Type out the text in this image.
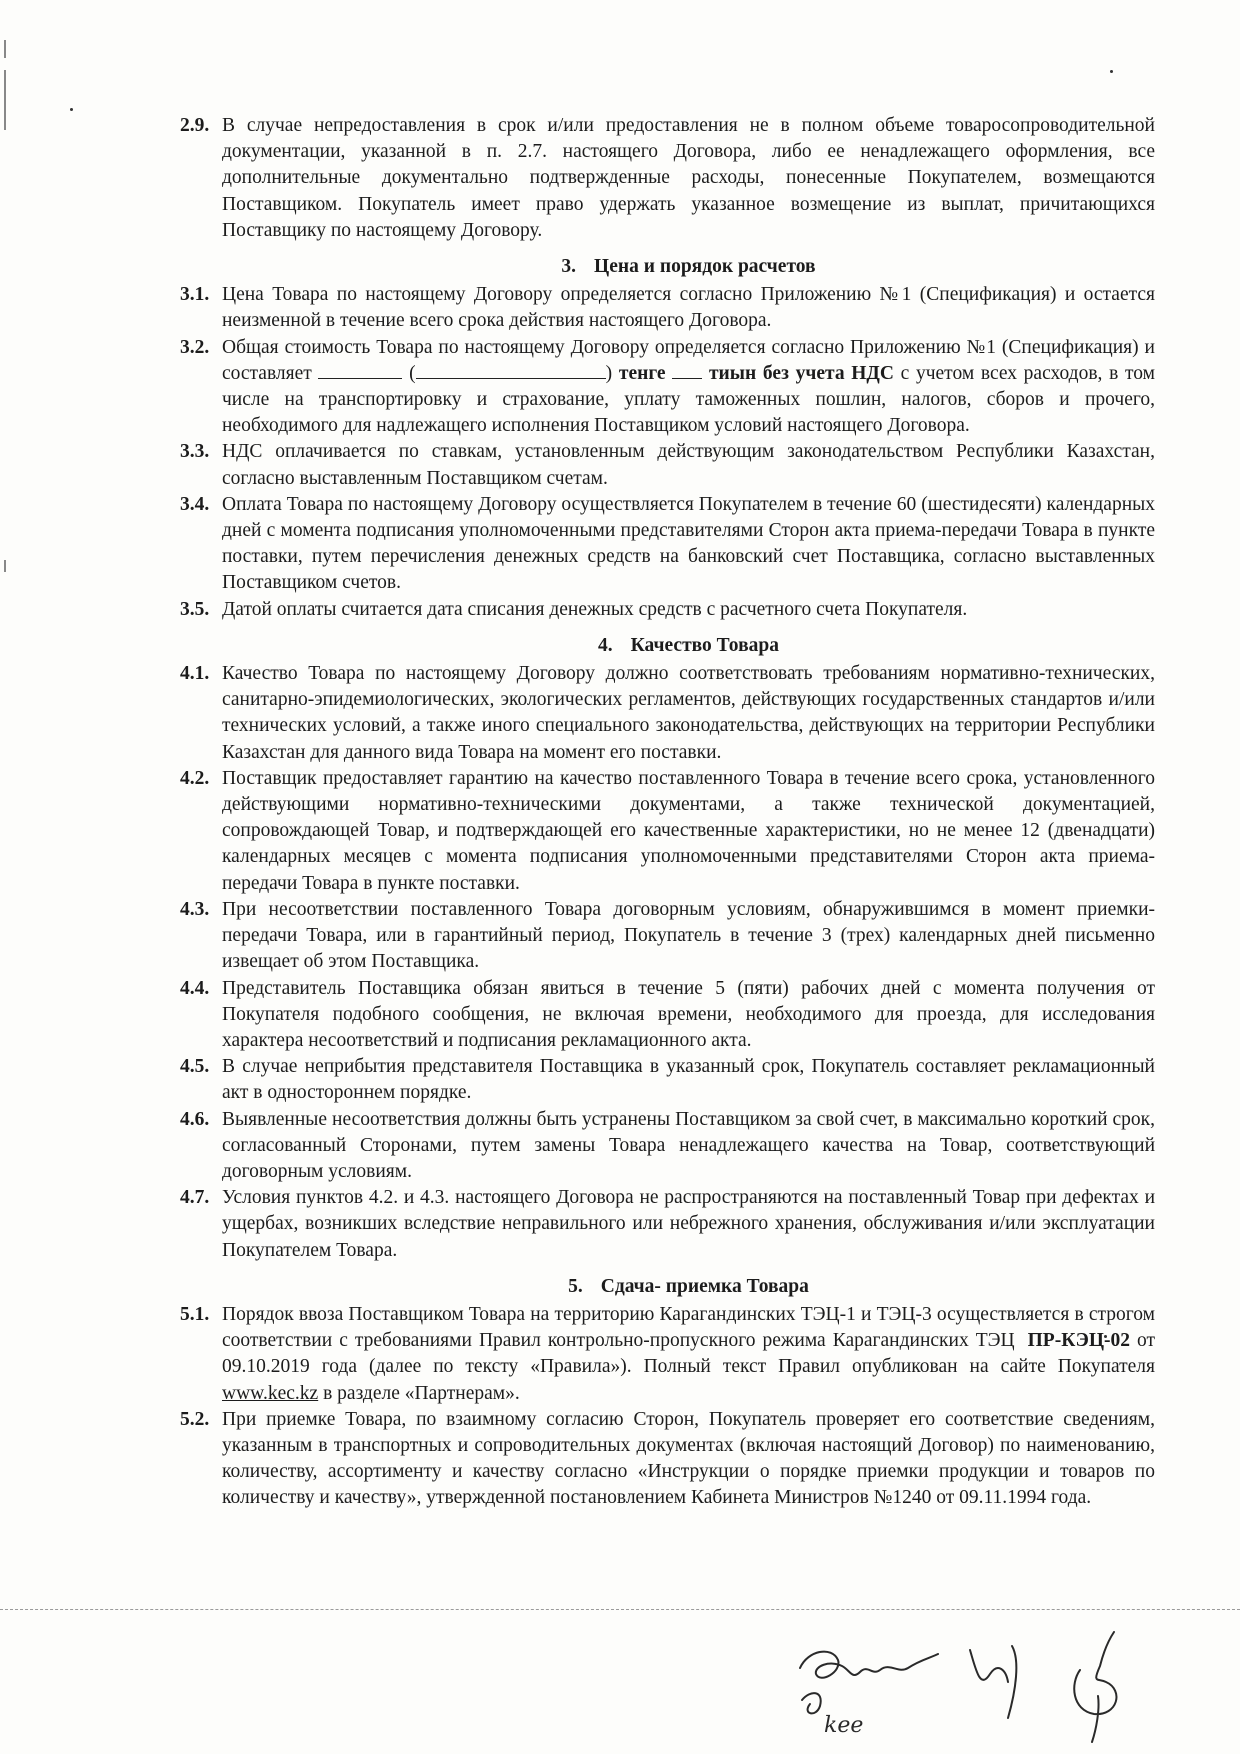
2.9. В случае непредоставления в срок и/или предоставления не в полном объеме товаросопроводительной документации, указанной в п. 2.7. настоящего Договора, либо ее ненадлежащего оформления, все дополнительные документально подтвержденные расходы, понесенные Покупателем, возмещаются Поставщиком. Покупатель имеет право удержать указанное возмещение из выплат, причитающихся Поставщику по настоящему Договору.
3. Цена и порядок расчетов
3.1. Цена Товара по настоящему Договору определяется согласно Приложению №1 (Спецификация) и остается неизменной в течение всего срока действия настоящего Договора.
3.2. Общая стоимость Товара по настоящему Договору определяется согласно Приложению №1 (Спецификация) и составляет	(	) тенге тиын без учета НДС с учетом всех расходов, в том числе на транспортировку и страхование, уплату таможенных пошлин, налогов, сборов и прочего, необходимого для надлежащего исполнения Поставщиком условий настоящего Договора.
3.3. НДС оплачивается по ставкам, установленным действующим законодательством Республики Казахстан, согласно выставленным Поставщиком счетам.
3.4. Оплата Товара по настоящему Договору осуществляется Покупателем в течение 60 (шестидесяти) календарных дней с момента подписания уполномоченными представителями Сторон акта приема-передачи Товара в пункте поставки, путем перечисления денежных средств на банковский счет Поставщика, согласно выставленных Поставщиком счетов.
3.5. Датой оплаты считается дата списания денежных средств с расчетного счета Покупателя.
4. Качество Товара
4.1. Качество Товара по настоящему Договору должно соответствовать требованиям нормативно-технических, санитарно-эпидемиологических, экологических регламентов, действующих государственных стандартов и/или технических условий, а также иного специального законодательства, действующих на территории Республики Казахстан для данного вида Товара на момент его поставки.
4.2. Поставщик предоставляет гарантию на качество поставленного Товара в течение всего срока, установленного действующими нормативно-техническими документами, а также технической документацией, сопровождающей Товар, и подтверждающей его качественные характеристики, но не менее 12 (двенадцати) календарных месяцев с момента подписания уполномоченными представителями Сторон акта приема-передачи Товара в пункте поставки.
4.3. При несоответствии поставленного Товара договорным условиям, обнаружившимся в момент приемки-передачи Товара, или в гарантийный период, Покупатель в течение 3 (трех) календарных дней письменно извещает об этом Поставщика.
4.4. Представитель Поставщика обязан явиться в течение 5 (пяти) рабочих дней с момента получения от Покупателя подобного сообщения, не включая времени, необходимого для проезда, для исследования характера несоответствий и подписания рекламационного акта.
4.5. В случае неприбытия представителя Поставщика в указанный срок, Покупатель составляет рекламационный акт в одностороннем порядке.
4.6. Выявленные несоответствия должны быть устранены Поставщиком за свой счет, в максимально короткий срок, согласованный Сторонами, путем замены Товара ненадлежащего качества на Товар, соответствующий договорным условиям.
4.7. Условия пунктов 4.2. и 4.3. настоящего Договора не распространяются на поставленный Товар при дефектах и ущербах, возникших вследствие неправильного или небрежного хранения, обслуживания и/или эксплуатации Покупателем Товара.
5. Сдача- приемка Товара
5.1. Порядок ввоза Поставщиком Товара на территорию Карагандинских ТЭЦ-1 и ТЭЦ-3 осуществляется в строгом соответствии с требованиями Правил контрольно-пропускного режима Карагандинских ТЭЦ ПР-КЭЦ-02 от 09.10.2019 года (далее по тексту «Правила»). Полный текст Правил опубликован на сайте Покупателя www.kec.kz в разделе «Партнерам».
5.2. При приемке Товара, по взаимному согласию Сторон, Покупатель проверяет его соответствие сведениям, указанным в транспортных и сопроводительных документах (включая настоящий Договор) по наименованию, количеству, ассортименту и качеству согласно «Инструкции о порядке приемки продукции и товаров по количеству и качеству», утвержденной постановлением Кабинета Министров №1240 от 09.11.1994 года.
kee
